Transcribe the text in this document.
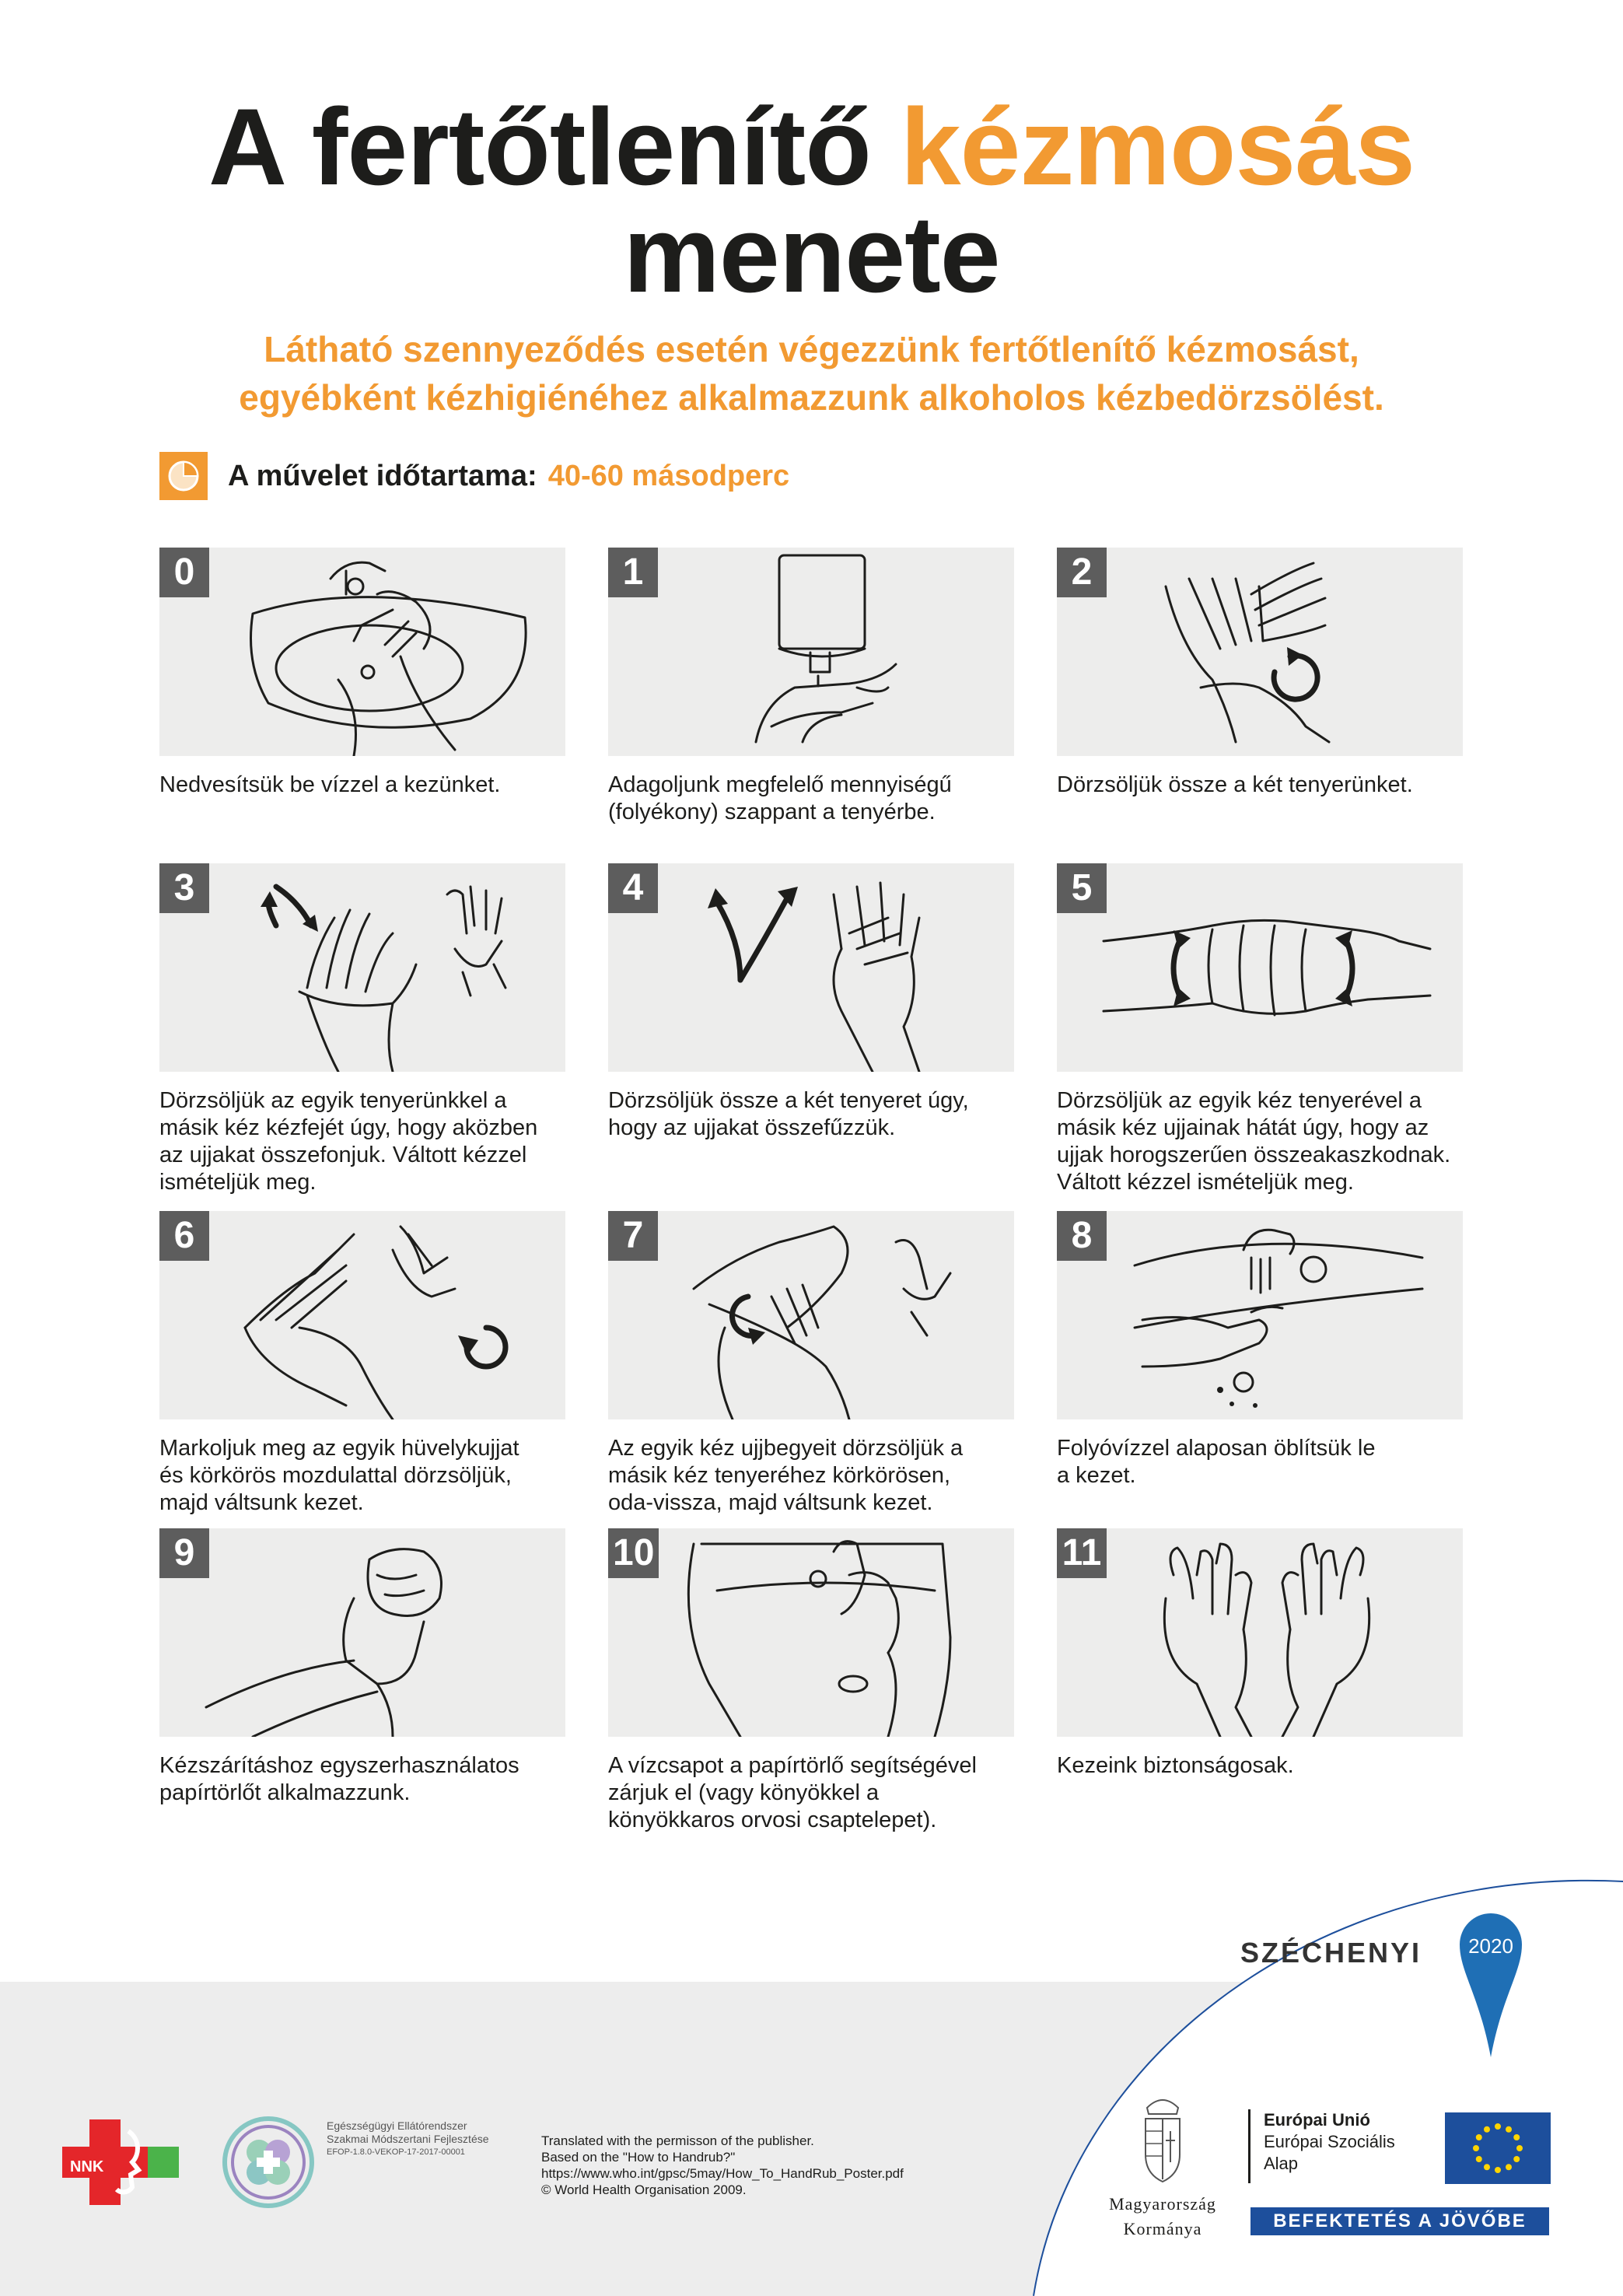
A fertőtlenítő kézmosás
menete
Látható szennyeződés esetén végezzünk fertőtlenítő kézmosást,
egyébként kézhigiénéhez alkalmazzunk alkoholos kézbedörzsölést.
A művelet időtartama: 40-60 másodperc
0
Nedvesítsük be vízzel a kezünket.
1
Adagoljunk megfelelő mennyiségű
(folyékony) szappant a tenyérbe.
2
Dörzsöljük össze a két tenyerünket.
3
Dörzsöljük az egyik tenyerünkkel a
másik kéz kézfejét úgy, hogy aközben
az ujjakat összefonjuk. Váltott kézzel
ismételjük meg.
4
Dörzsöljük össze a két tenyeret úgy,
hogy az ujjakat összefűzzük.
5
Dörzsöljük az egyik kéz tenyerével a
másik kéz ujjainak hátát úgy, hogy az
ujjak horogszerűen összeakaszkodnak.
Váltott kézzel ismételjük meg.
6
Markoljuk meg az egyik hüvelykujjat
és körkörös mozdulattal dörzsöljük,
majd váltsunk kezet.
7
Az egyik kéz ujjbegyeit dörzsöljük a
másik kéz tenyeréhez körkörösen,
oda-vissza, majd váltsunk kezet.
8
Folyóvízzel alaposan öblítsük le
a kezet.
9
Kézszárításhoz egyszerhasználatos
papírtörlőt alkalmazzunk.
10
A vízcsapot a papírtörlő segítségével
zárjuk el (vagy könyökkel a
könyökkaros orvosi csaptelepet).
11
Kezeink biztonságosak.
NNK
Egészségügyi Ellátórendszer
Szakmai Módszertani Fejlesztése
EFOP-1.8.0-VEKOP-17-2017-00001
Translated with the permisson of the publisher.
Based on the "How to Handrub?"
https://www.who.int/gpsc/5may/How_To_HandRub_Poster.pdf
© World Health Organisation 2009.
SZÉCHENYI 2020
Magyarország
Kormánya
Európai Unió
Európai Szociális
Alap
BEFEKTETÉS A JÖVŐBE
